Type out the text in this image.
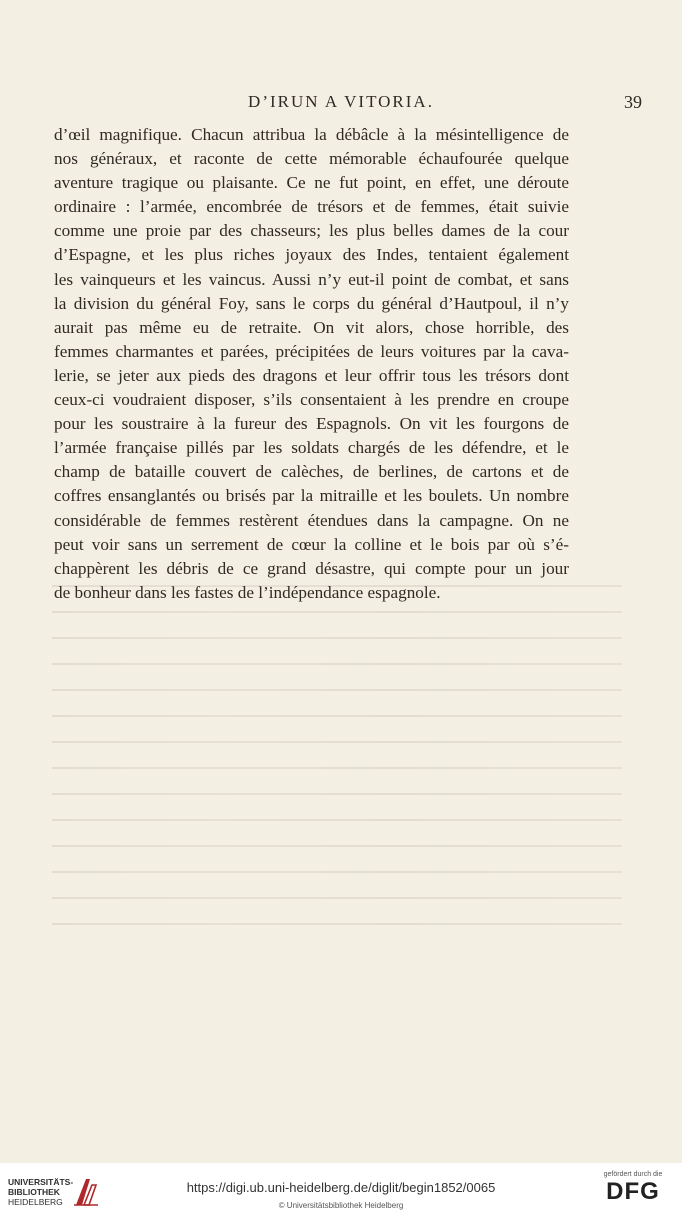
D’IRUN A VITORIA.	39
d’œil magnifique. Chacun attribua la débâcle à la mésintelligence de
nos généraux, et raconte de cette mémorable échaufourée quelque
aventure tragique ou plaisante. Ce ne fut point, en effet, une déroute
ordinaire : l’armée, encombrée de trésors et de femmes, était suivie
comme une proie par des chasseurs; les plus belles dames de la cour
d’Espagne, et les plus riches joyaux des Indes, tentaient également
les vainqueurs et les vaincus. Aussi n’y eut-il point de combat, et sans
la division du général Foy, sans le corps du général d’Hautpoul, il n’y
aurait pas même eu de retraite. On vit alors, chose horrible, des
femmes charmantes et parées, précipitées de leurs voitures par la cava-
lerie, se jeter aux pieds des dragons et leur offrir tous les trésors dont
ceux-ci voudraient disposer, s’ils consentaient à les prendre en croupe
pour les soustraire à la fureur des Espagnols. On vit les fourgons de
l’armée française pillés par les soldats chargés de les défendre, et le
champ de bataille couvert de calèches, de berlines, de cartons et de
coffres ensanglantés ou brisés par la mitraille et les boulets. Un nombre
considérable de femmes restèrent étendues dans la campagne. On ne
peut voir sans un serrement de cœur la colline et le bois par où s’é-
chappèrent les débris de ce grand désastre, qui compte pour un jour
de bonheur dans les fastes de l’indépendance espagnole.
UNIVERSITÄTS-
BIBLIOTHEK
HEIDELBERG
https://digi.ub.uni-heidelberg.de/diglit/begin1852/0065
© Universitätsbibliothek Heidelberg
gefördert durch die
DFG
